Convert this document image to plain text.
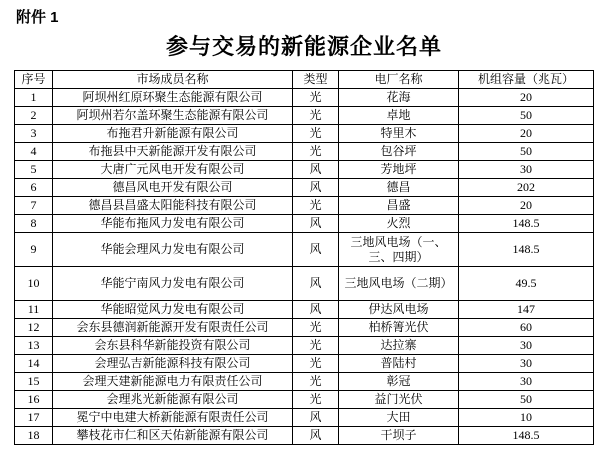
附件 1
参与交易的新能源企业名单
序号	市场成员名称	类型	电厂名称	机组容量（兆瓦）
1	阿坝州红原环聚生态能源有限公司	光	花海	20
2	阿坝州若尔盖环聚生态能源有限公司	光	卓地	50
3	布拖君升新能源有限公司	光	特里木	20
4	布拖县中天新能源开发有限公司	光	包谷坪	50
5	大唐广元风电开发有限公司	风	芳地坪	30
6	德昌风电开发有限公司	风	德昌	202
7	德昌县昌盛太阳能科技有限公司	光	昌盛	20
8	华能布拖风力发电有限公司	风	火烈	148.5
9	华能会理风力发电有限公司	风	三地风电场（一、三、四期）	148.5
10	华能宁南风力发电有限公司	风	三地风电场（二期）	49.5
11	华能昭觉风力发电有限公司	风	伊达风电场	147
12	会东县德润新能源开发有限责任公司	光	柏桥箐光伏	60
13	会东县科华新能投资有限公司	光	达拉寨	30
14	会理弘吉新能源科技有限公司	光	普陆村	30
15	会理天建新能源电力有限责任公司	光	彰冠	30
16	会理兆光新能源有限公司	光	益门光伏	50
17	冕宁中电建大桥新能源有限责任公司	风	大田	10
18	攀枝花市仁和区天佑新能源有限公司	风	干坝子	148.5
